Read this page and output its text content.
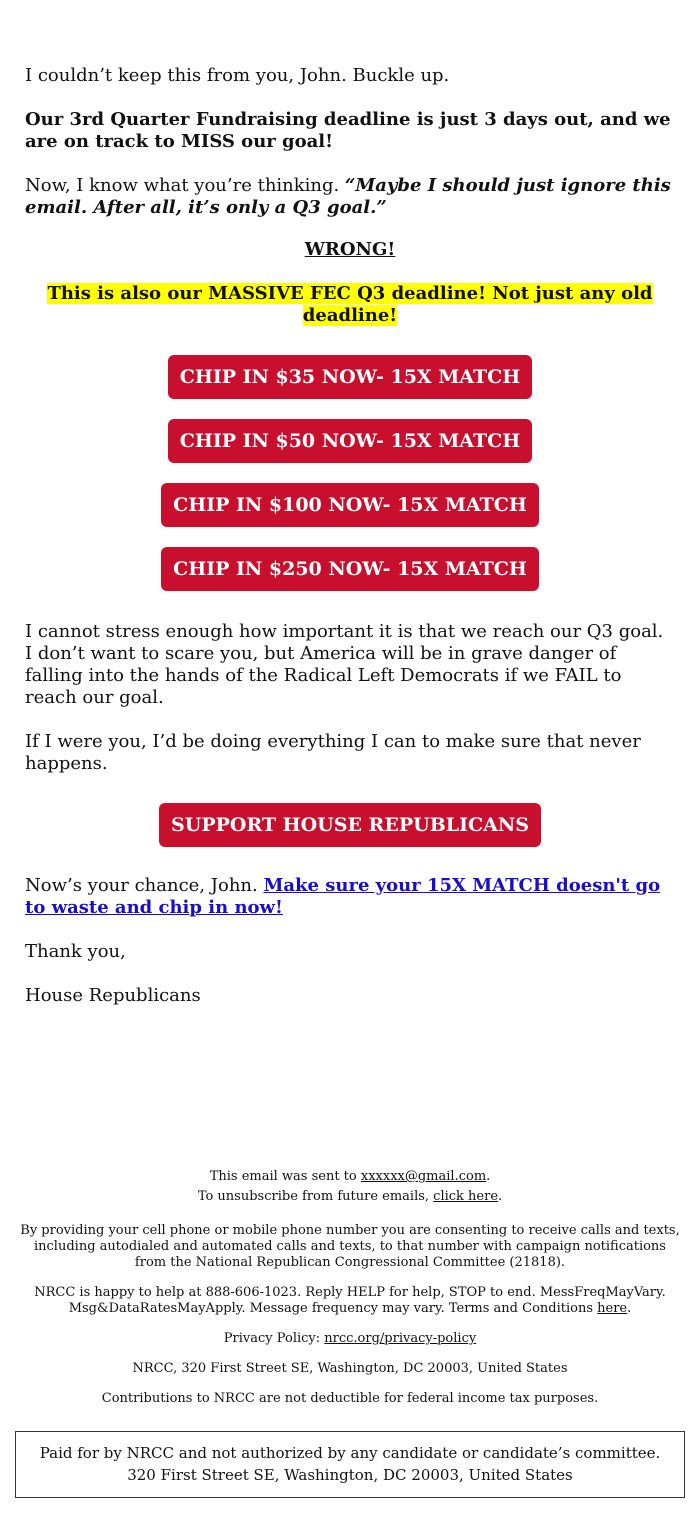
I couldn’t keep this from you, John. Buckle up.

Our 3rd Quarter Fundraising deadline is just 3 days out, and we are on track to MISS our goal!

Now, I know what you’re thinking. “Maybe I should just ignore this email. After all, it’s only a Q3 goal.”

WRONG!

This is also our MASSIVE FEC Q3 deadline! Not just any old deadline!

CHIP IN $35 NOW- 15X MATCH
CHIP IN $50 NOW- 15X MATCH
CHIP IN $100 NOW- 15X MATCH
CHIP IN $250 NOW- 15X MATCH

I cannot stress enough how important it is that we reach our Q3 goal. I don’t want to scare you, but America will be in grave danger of falling into the hands of the Radical Left Democrats if we FAIL to reach our goal.

If I were you, I’d be doing everything I can to make sure that never happens.

SUPPORT HOUSE REPUBLICANS

Now’s your chance, John. Make sure your 15X MATCH doesn't go to waste and chip in now!

Thank you,

House Republicans

This email was sent to xxxxxx@gmail.com.

To unsubscribe from future emails, click here.

By providing your cell phone or mobile phone number you are consenting to receive calls and texts, including autodialed and automated calls and texts, to that number with campaign notifications from the National Republican Congressional Committee (21818).

NRCC is happy to help at 888-606-1023. Reply HELP for help, STOP to end. MessFreqMayVary. Msg&DataRatesMayApply. Message frequency may vary. Terms and Conditions here.

Privacy Policy: nrcc.org/privacy-policy

NRCC, 320 First Street SE, Washington, DC 20003, United States

Contributions to NRCC are not deductible for federal income tax purposes.

Paid for by NRCC and not authorized by any candidate or candidate’s committee. 320 First Street SE, Washington, DC 20003, United States
